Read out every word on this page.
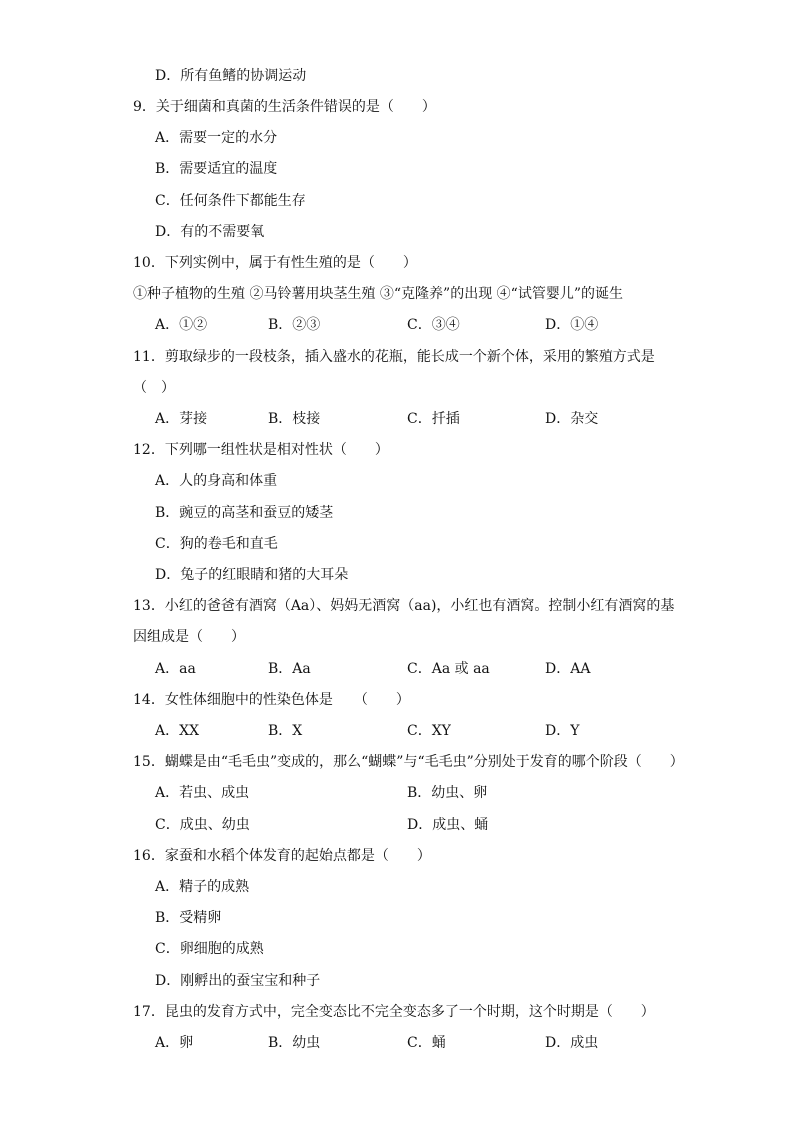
D．所有鱼鳍的协调运动
9．关于细菌和真菌的生活条件错误的是（　　）
A．需要一定的水分
B．需要适宜的温度
C．任何条件下都能生存
D．有的不需要氧
10．下列实例中，属于有性生殖的是（　　）
①种子植物的生殖 ②马铃薯用块茎生殖 ③“克隆养”的出现 ④“试管婴儿”的诞生
A．①②	B．②③	C．③④	D．①④
11．剪取绿步的一段枝条，插入盛水的花瓶，能长成一个新个体，采用的繁殖方式是
（　）
A．芽接	B．枝接	C．扦插	D．杂交
12．下列哪一组性状是相对性状（　　）
A．人的身高和体重
B．豌豆的高茎和蚕豆的矮茎
C．狗的卷毛和直毛
D．兔子的红眼睛和猪的大耳朵
13．小红的爸爸有酒窝（Aa）、妈妈无酒窝（aa)，小红也有酒窝。控制小红有酒窝的基
因组成是（　　）
A．aa	B．Aa	C．Aa 或 aa	D．AA
14．女性体细胞中的性染色体是　　（　　）
A．XX	B．X	C．XY	D．Y
15．蝴蝶是由“毛毛虫”变成的，那么“蝴蝶”与“毛毛虫”分别处于发育的哪个阶段（　　）
A．若虫、成虫	B．幼虫、卵
C．成虫、幼虫	D．成虫、蛹
16．家蚕和水稻个体发育的起始点都是（　　）
A．精子的成熟
B．受精卵
C．卵细胞的成熟
D．刚孵出的蚕宝宝和种子
17．昆虫的发育方式中，完全变态比不完全变态多了一个时期，这个时期是（　　）
A．卵	B．幼虫	C．蛹	D．成虫
